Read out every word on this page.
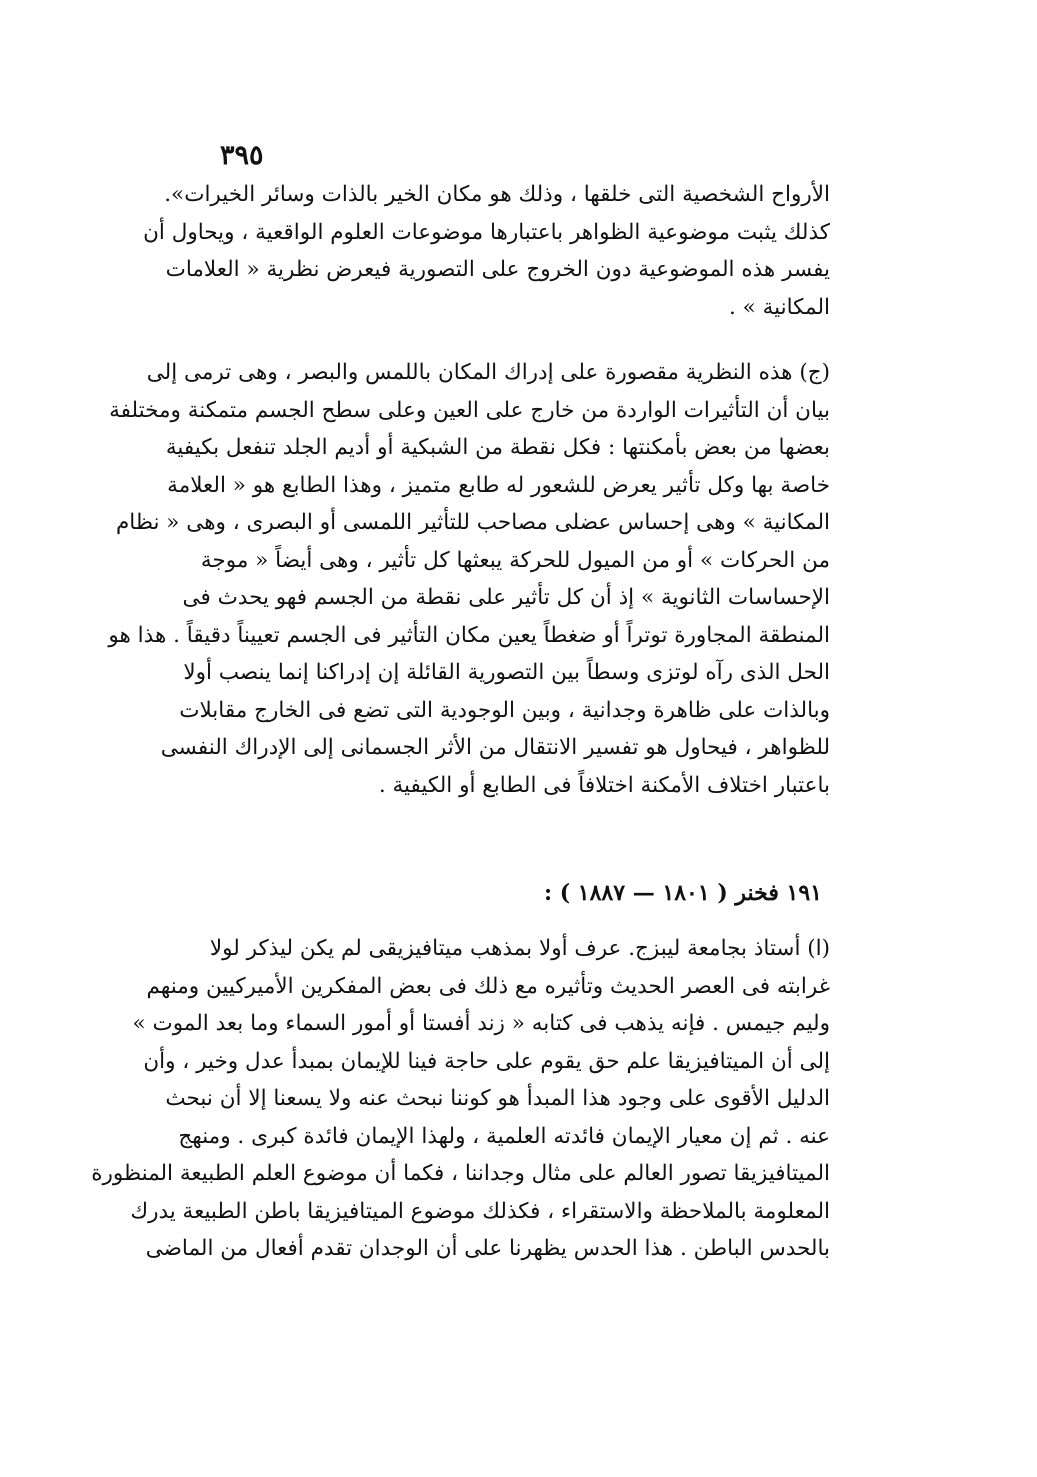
٣٩٥
الأرواح الشخصية التى خلقها ، وذلك هو مكان الخير بالذات وسائر الخيرات».
كذلك يثبت موضوعية الظواهر باعتبارها موضوعات العلوم الواقعية ، ويحاول أن
يفسر هذه الموضوعية دون الخروج على التصورية فيعرض نظرية « العلامات
المكانية » .
(ج) هذه النظرية مقصورة على إدراك المكان باللمس والبصر ، وهى ترمى إلى
بيان أن التأثيرات الواردة من خارج على العين وعلى سطح الجسم متمكنة ومختلفة
بعضها من بعض بأمكنتها : فكل نقطة من الشبكية أو أديم الجلد تنفعل بكيفية
خاصة بها وكل تأثير يعرض للشعور له طابع متميز ، وهذا الطابع هو « العلامة
المكانية » وهى إحساس عضلى مصاحب للتأثير اللمسى أو البصرى ، وهى « نظام
من الحركات » أو من الميول للحركة يبعثها كل تأثير ، وهى أيضاً « موجة
الإحساسات الثانوية » إذ أن كل تأثير على نقطة من الجسم فهو يحدث فى
المنطقة المجاورة توتراً أو ضغطاً يعين مكان التأثير فى الجسم تعييناً دقيقاً . هذا هو
الحل الذى رآه لوتزى وسطاً بين التصورية القائلة إن إدراكنا إنما ينصب أولا
وبالذات على ظاهرة وجدانية ، وبين الوجودية التى تضع فى الخارج مقابلات
للظواهر ، فيحاول هو تفسير الانتقال من الأثر الجسمانى إلى الإدراك النفسى
باعتبار اختلاف الأمكنة اختلافاً فى الطابع أو الكيفية .
١٩١ فخنر ( ١٨٠١ — ١٨٨٧ ) :
(ا) أستاذ بجامعة ليبزج. عرف أولا بمذهب ميتافيزيقى لم يكن ليذكر لولا
غرابته فى العصر الحديث وتأثيره مع ذلك فى بعض المفكرين الأميركيين ومنهم
وليم جيمس . فإنه يذهب فى كتابه « زند أفستا أو أمور السماء وما بعد الموت »
إلى أن الميتافيزيقا علم حق يقوم على حاجة فينا للإيمان بمبدأ عدل وخير ، وأن
الدليل الأقوى على وجود هذا المبدأ هو كوننا نبحث عنه ولا يسعنا إلا أن نبحث
عنه . ثم إن معيار الإيمان فائدته العلمية ، ولهذا الإيمان فائدة كبرى . ومنهج
الميتافيزيقا تصور العالم على مثال وجداننا ، فكما أن موضوع العلم الطبيعة المنظورة
المعلومة بالملاحظة والاستقراء ، فكذلك موضوع الميتافيزيقا باطن الطبيعة يدرك
بالحدس الباطن . هذا الحدس يظهرنا على أن الوجدان تقدم أفعال من الماضى
